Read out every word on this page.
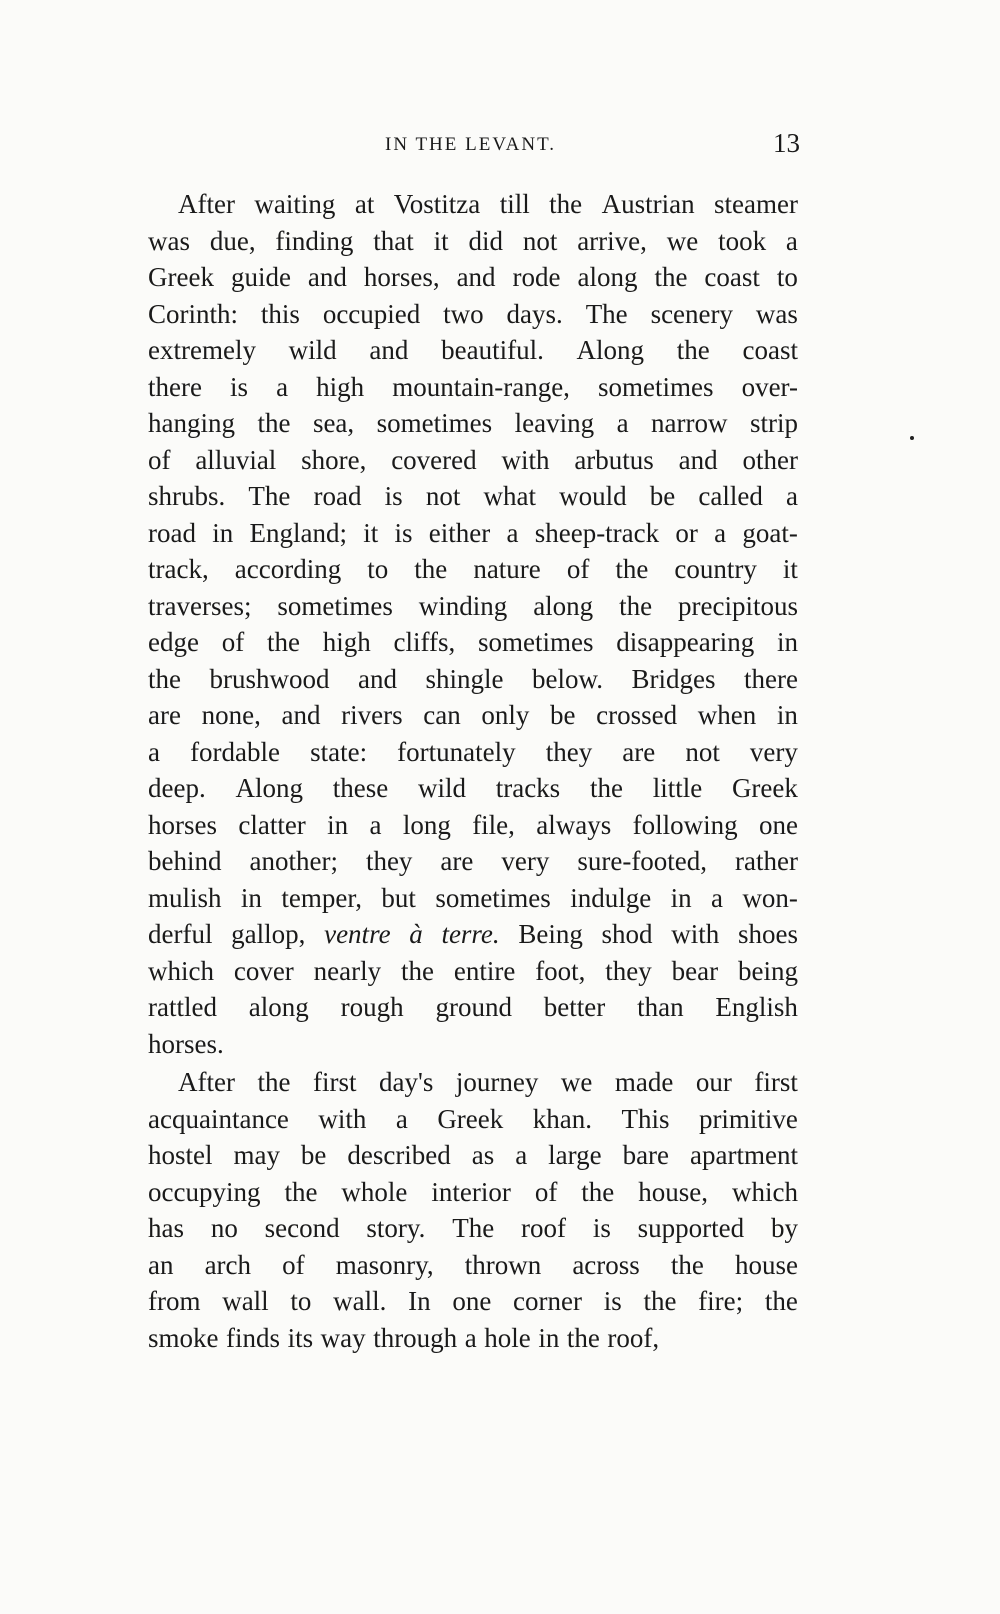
IN THE LEVANT.	13
After waiting at Vostitza till the Austrian steamer
was due, finding that it did not arrive, we took a
Greek guide and horses, and rode along the coast to
Corinth: this occupied two days. The scenery was
extremely wild and beautiful. Along the coast
there is a high mountain-range, sometimes over-
hanging the sea, sometimes leaving a narrow strip
of alluvial shore, covered with arbutus and other
shrubs. The road is not what would be called a
road in England; it is either a sheep-track or a goat-
track, according to the nature of the country it
traverses; sometimes winding along the precipitous
edge of the high cliffs, sometimes disappearing in
the brushwood and shingle below. Bridges there
are none, and rivers can only be crossed when in
a fordable state: fortunately they are not very
deep. Along these wild tracks the little Greek
horses clatter in a long file, always following one
behind another; they are very sure-footed, rather
mulish in temper, but sometimes indulge in a won-
derful gallop, ventre à terre. Being shod with shoes
which cover nearly the entire foot, they bear being
rattled along rough ground better than English
horses.
After the first day's journey we made our first
acquaintance with a Greek khan. This primitive
hostel may be described as a large bare apartment
occupying the whole interior of the house, which
has no second story. The roof is supported by
an arch of masonry, thrown across the house
from wall to wall. In one corner is the fire; the
smoke finds its way through a hole in the roof,
